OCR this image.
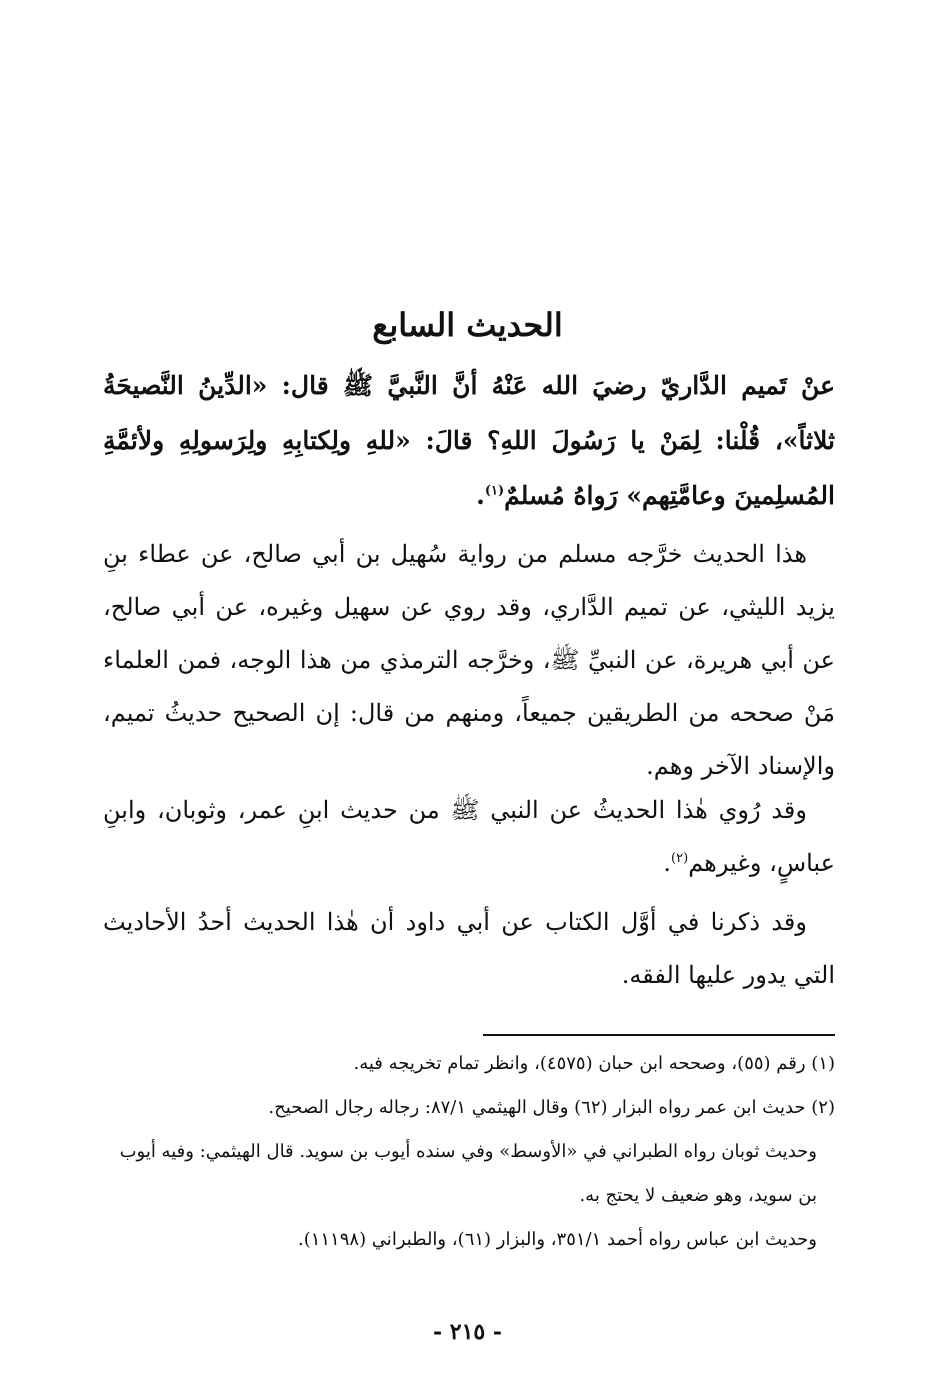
الحديث السابع

عنْ تَميم الدَّاريّ رضيَ الله عَنْهُ أنَّ النَّبيَّ ﷺ قال: «الدِّينُ النَّصيحَةُ ثلاثاً»، قُلْنا: لِمَنْ يا رَسُولَ اللهِ؟ قالَ: «للهِ ولِكتابِهِ ولِرَسولِهِ ولأئمَّةِ المُسلِمينَ وعامَّتِهم» رَواهُ مُسلمٌ$^{(١)}$.

هذا الحديث خرَّجه مسلم من رواية سُهيل بن أبي صالح، عن عطاء بنِ يزيد الليثي، عن تميم الدَّاري، وقد روي عن سهيل وغيره، عن أبي صالح، عن أبي هريرة، عن النبيِّ ﷺ، وخرَّجه الترمذي من هذا الوجه، فمن العلماء مَنْ صححه من الطريقين جميعاً، ومنهم من قال: إن الصحيح حديثُ تميم، والإسناد الآخر وهم.

وقد رُوي هٰذا الحديثُ عن النبي ﷺ من حديث ابنِ عمر، وثوبان، وابنِ عباسٍ، وغيرهم$^{(٢)}$.

وقد ذكرنا في أوَّل الكتاب عن أبي داود أن هٰذا الحديث أحدُ الأحاديث التي يدور عليها الفقه.

(١) رقم (٥٥)، وصححه ابن حبان (٤٥٧٥)، وانظر تمام تخريجه فيه.
(٢) حديث ابن عمر رواه البزار (٦٢) وقال الهيثمي ٨٧/١: رجاله رجال الصحيح.
وحديث ثوبان رواه الطبراني في «الأوسط» وفي سنده أيوب بن سويد. قال الهيثمي: وفيه أيوب بن سويد، وهو ضعيف لا يحتج به.
وحديث ابن عباس رواه أحمد ٣٥١/١، والبزار (٦١)، والطبراني (١١١٩٨).
- ٢١٥ -
